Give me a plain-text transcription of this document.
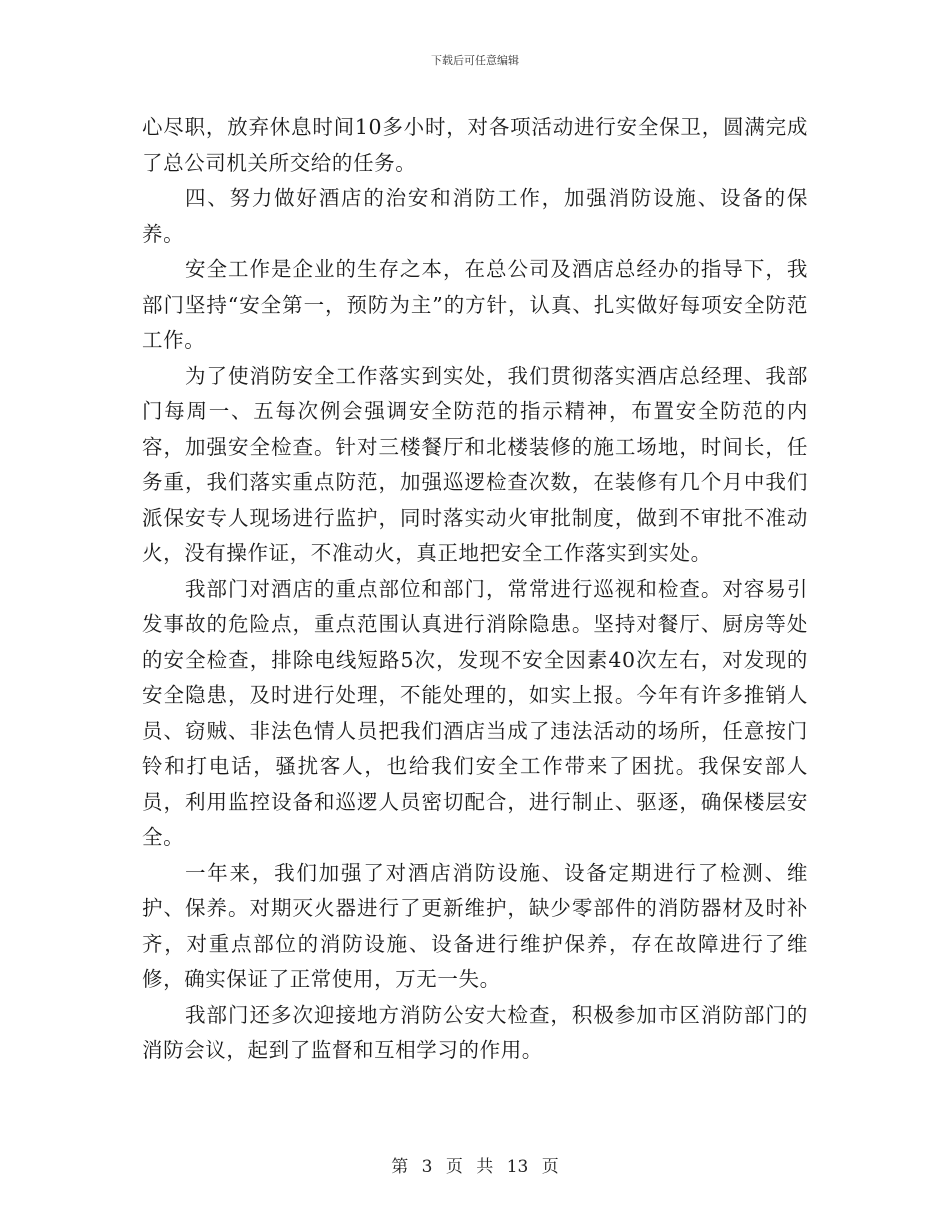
下载后可任意编辑

心尽职，放弃休息时间10多小时，对各项活动进行安全保卫，圆满完成了总公司机关所交给的任务。

四、努力做好酒店的治安和消防工作，加强消防设施、设备的保养。

安全工作是企业的生存之本，在总公司及酒店总经办的指导下，我部门坚持“安全第一，预防为主”的方针，认真、扎实做好每项安全防范工作。

为了使消防安全工作落实到实处，我们贯彻落实酒店总经理、我部门每周一、五每次例会强调安全防范的指示精神，布置安全防范的内容，加强安全检查。针对三楼餐厅和北楼装修的施工场地，时间长，任务重，我们落实重点防范，加强巡逻检查次数，在装修有几个月中我们派保安专人现场进行监护，同时落实动火审批制度，做到不审批不准动火，没有操作证，不准动火，真正地把安全工作落实到实处。

我部门对酒店的重点部位和部门，常常进行巡视和检查。对容易引发事故的危险点，重点范围认真进行消除隐患。坚持对餐厅、厨房等处的安全检查，排除电线短路5次，发现不安全因素40次左右，对发现的安全隐患，及时进行处理，不能处理的，如实上报。今年有许多推销人员、窃贼、非法色情人员把我们酒店当成了违法活动的场所，任意按门铃和打电话，骚扰客人，也给我们安全工作带来了困扰。我保安部人员，利用监控设备和巡逻人员密切配合，进行制止、驱逐，确保楼层安全。

一年来，我们加强了对酒店消防设施、设备定期进行了检测、维护、保养。对期灭火器进行了更新维护，缺少零部件的消防器材及时补齐，对重点部位的消防设施、设备进行维护保养，存在故障进行了维修，确实保证了正常使用，万无一失。

我部门还多次迎接地方消防公安大检查，积极参加市区消防部门的消防会议，起到了监督和互相学习的作用。

第 3 页 共 13 页
